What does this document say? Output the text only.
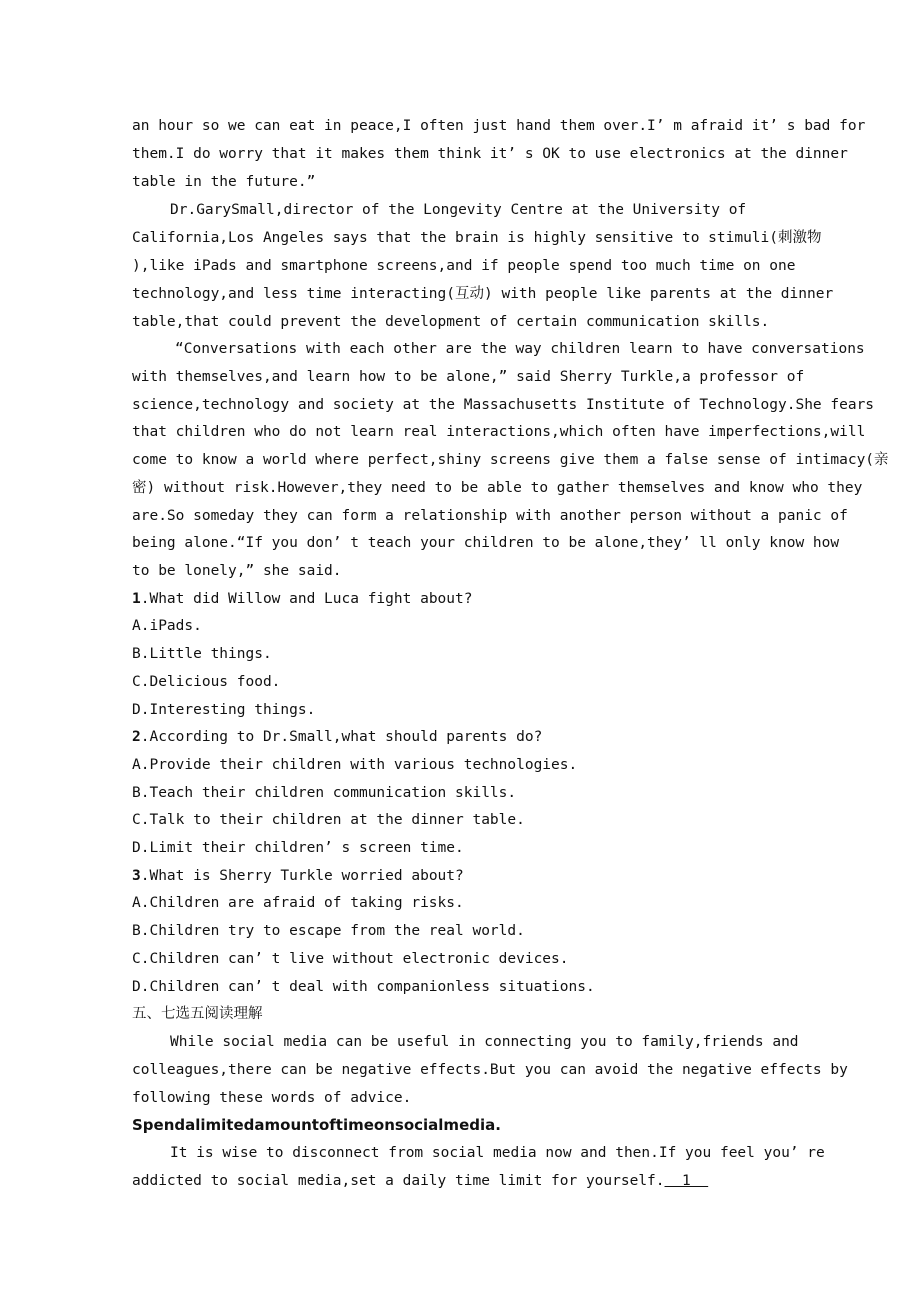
an hour so we can eat in peace,I often just hand them over.I’ m afraid it’ s bad for
them.I do worry that it makes them think it’ s OK to use electronics at the dinner
table in the future.”
Dr.GarySmall,director of the Longevity Centre at the University of
California,Los Angeles says that the brain is highly sensitive to stimuli(刺激物
),like iPads and smartphone screens,and if people spend too much time on one
technology,and less time interacting(互动) with people like parents at the dinner
table,that could prevent the development of certain communication skills.
“Conversations with each other are the way children learn to have conversations
with themselves,and learn how to be alone,” said Sherry Turkle,a professor of
science,technology and society at the Massachusetts Institute of Technology.She fears
that children who do not learn real interactions,which often have imperfections,will
come to know a world where perfect,shiny screens give them a false sense of intimacy(亲
密) without risk.However,they need to be able to gather themselves and know who they
are.So someday they can form a relationship with another person without a panic of
being alone.“If you don’ t teach your children to be alone,they’ ll only know how
to be lonely,” she said.
1.What did Willow and Luca fight about?
A.iPads.
B.Little things.
C.Delicious food.
D.Interesting things.
2.According to Dr.Small,what should parents do?
A.Provide their children with various technologies.
B.Teach their children communication skills.
C.Talk to their children at the dinner table.
D.Limit their children’ s screen time.
3.What is Sherry Turkle worried about?
A.Children are afraid of taking risks.
B.Children try to escape from the real world.
C.Children can’ t live without electronic devices.
D.Children can’ t deal with companionless situations.
五、七选五阅读理解
While social media can be useful in connecting you to family,friends and
colleagues,there can be negative effects.But you can avoid the negative effects by
following these words of advice.
Spendalimitedamountoftimeonsocialmedia.
It is wise to disconnect from social media now and then.If you feel you’ re
addicted to social media,set a daily time limit for yourself.  1
